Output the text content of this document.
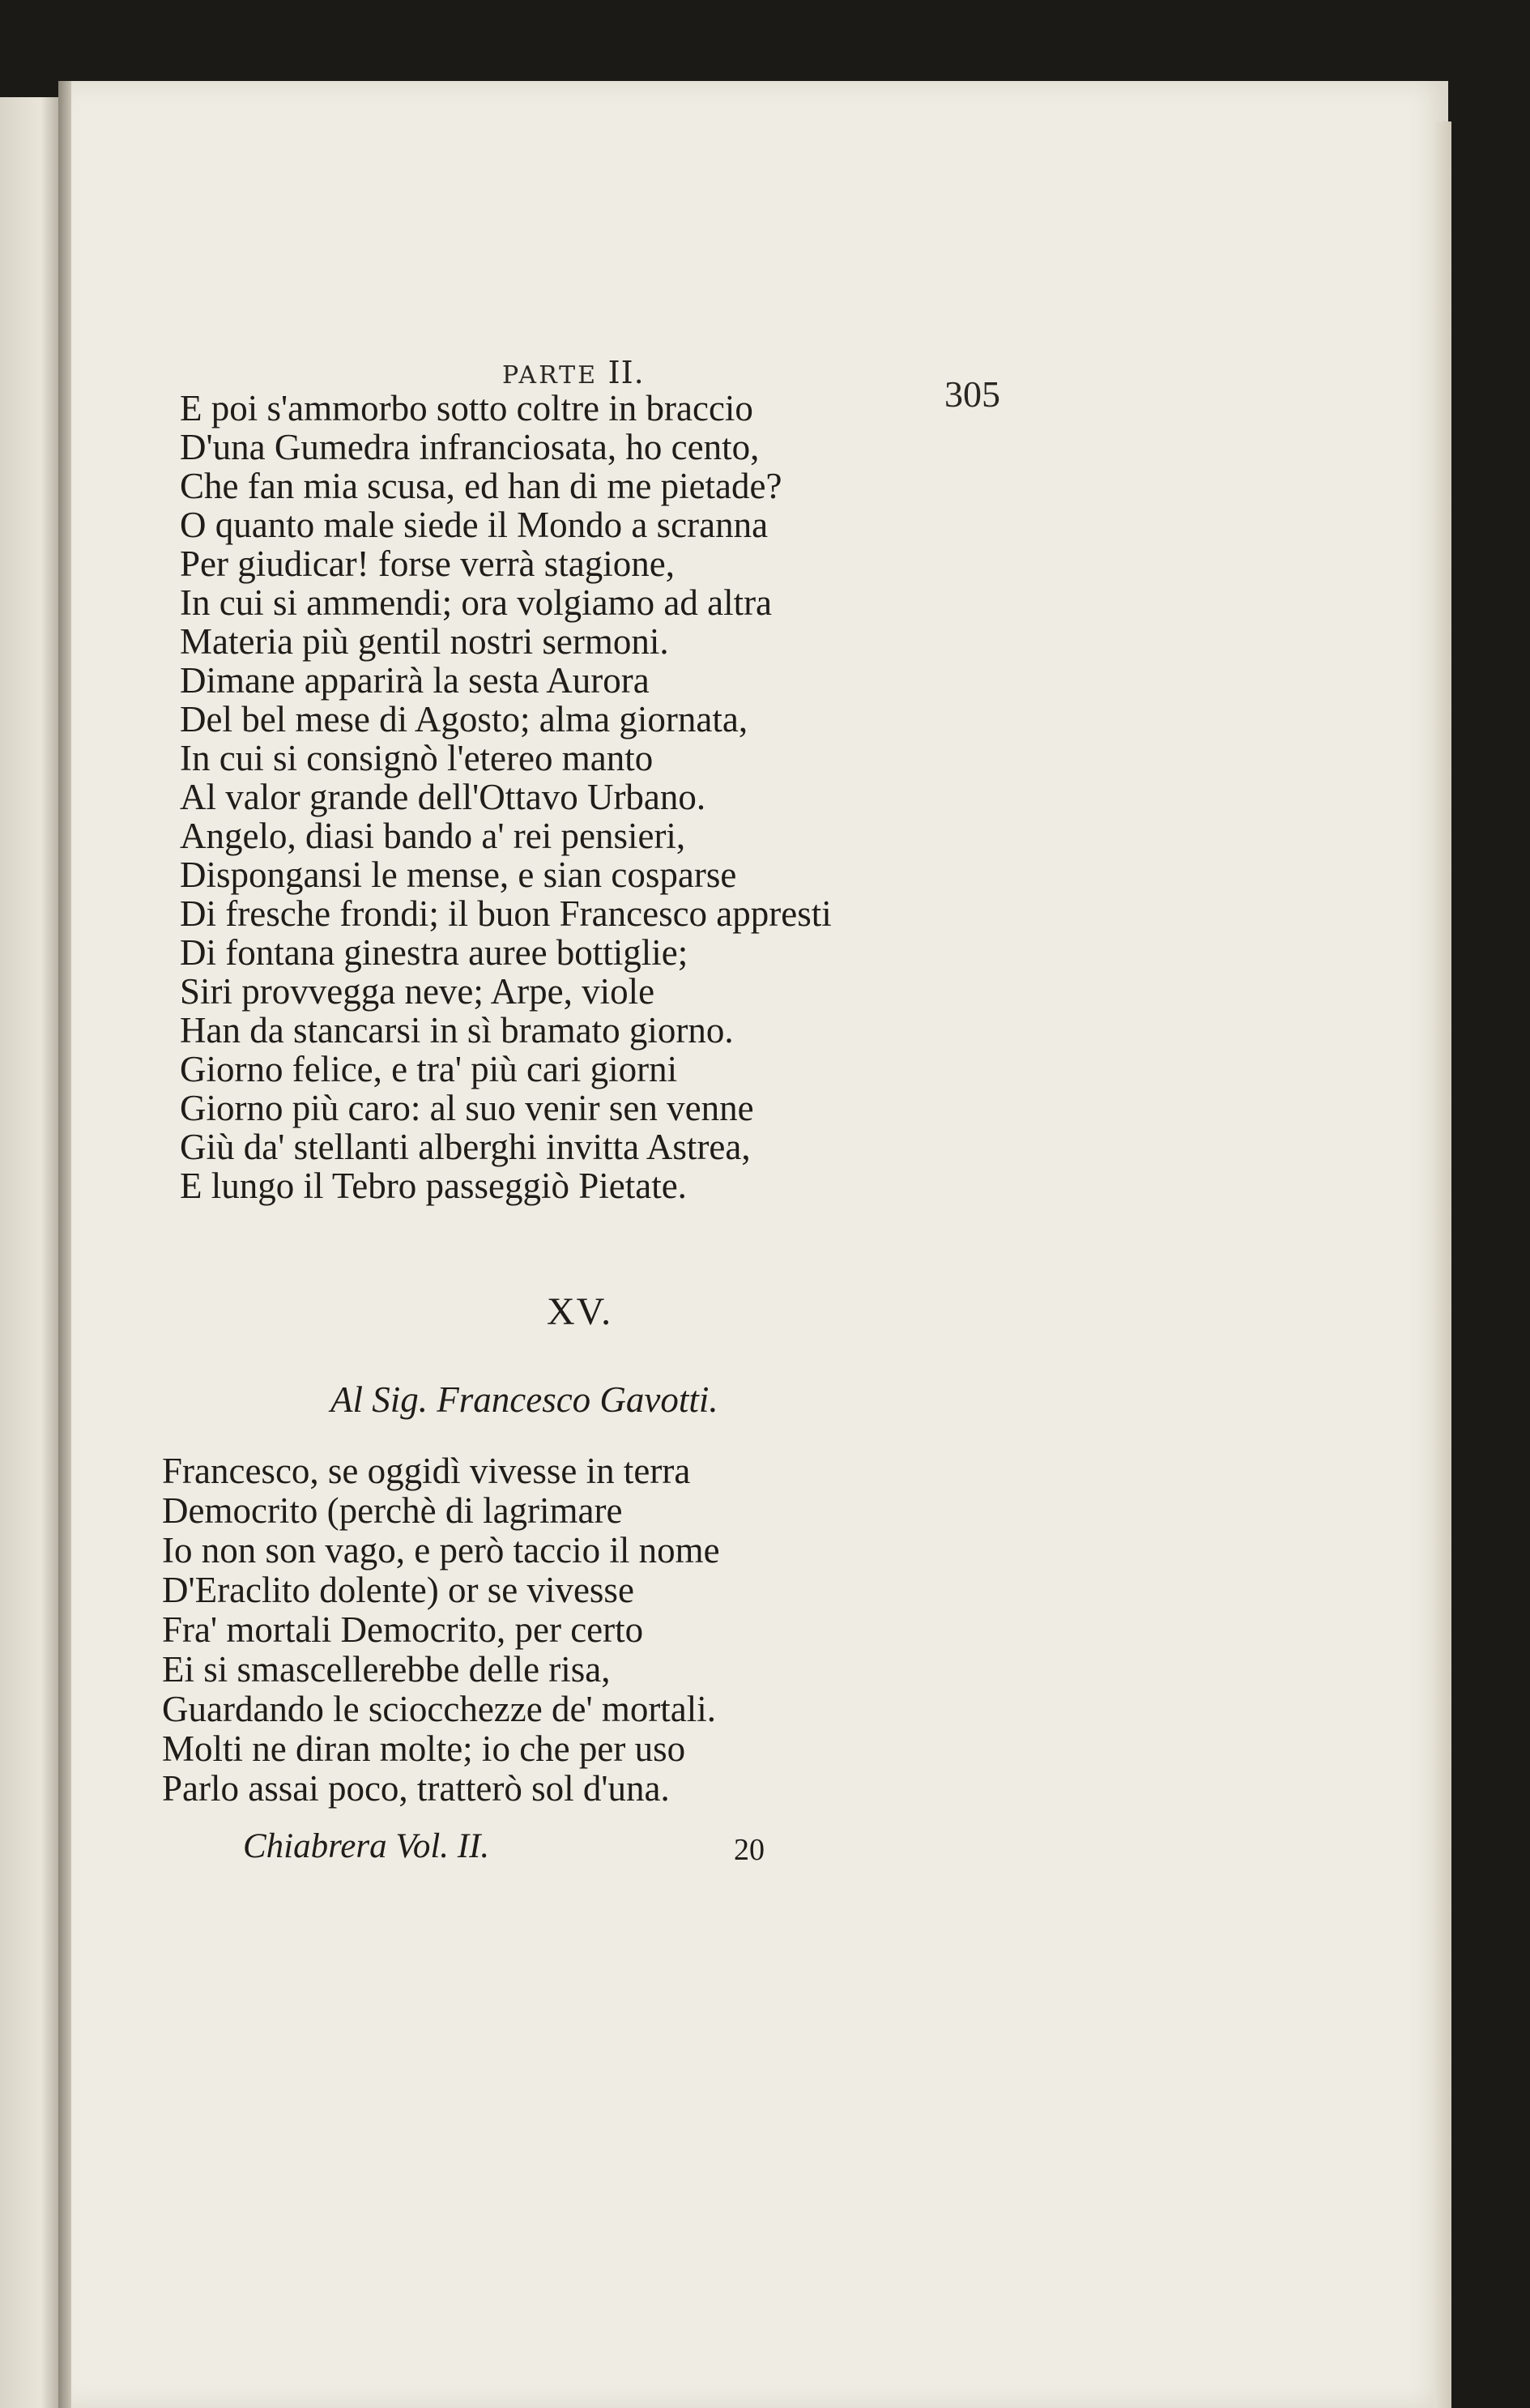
PARTE II.
305
E poi s'ammorbo sotto coltre in braccio
D'una Gumedra infranciosata, ho cento,
Che fan mia scusa, ed han di me pietade?
O quanto male siede il Mondo a scranna
Per giudicar! forse verrà stagione,
In cui si ammendi; ora volgiamo ad altra
Materia più gentil nostri sermoni.
Dimane apparirà la sesta Aurora
Del bel mese di Agosto; alma giornata,
In cui si consignò l'etereo manto
Al valor grande dell'Ottavo Urbano.
Angelo, diasi bando a' rei pensieri,
Dispongansi le mense, e sian cosparse
Di fresche frondi; il buon Francesco appresti
Di fontana ginestra auree bottiglie;
Siri provvegga neve; Arpe, viole
Han da stancarsi in sì bramato giorno.
Giorno felice, e tra' più cari giorni
Giorno più caro: al suo venir sen venne
Giù da' stellanti alberghi invitta Astrea,
E lungo il Tebro passeggiò Pietate.
XV.
Al Sig. Francesco Gavotti.
Francesco, se oggidì vivesse in terra
Democrito (perchè di lagrimare
Io non son vago, e però taccio il nome
D'Eraclito dolente) or se vivesse
Fra' mortali Democrito, per certo
Ei si smascellerebbe delle risa,
Guardando le sciocchezze de' mortali.
Molti ne diran molte; io che per uso
Parlo assai poco, tratterò sol d'una.
Chiabrera Vol. II.	20
